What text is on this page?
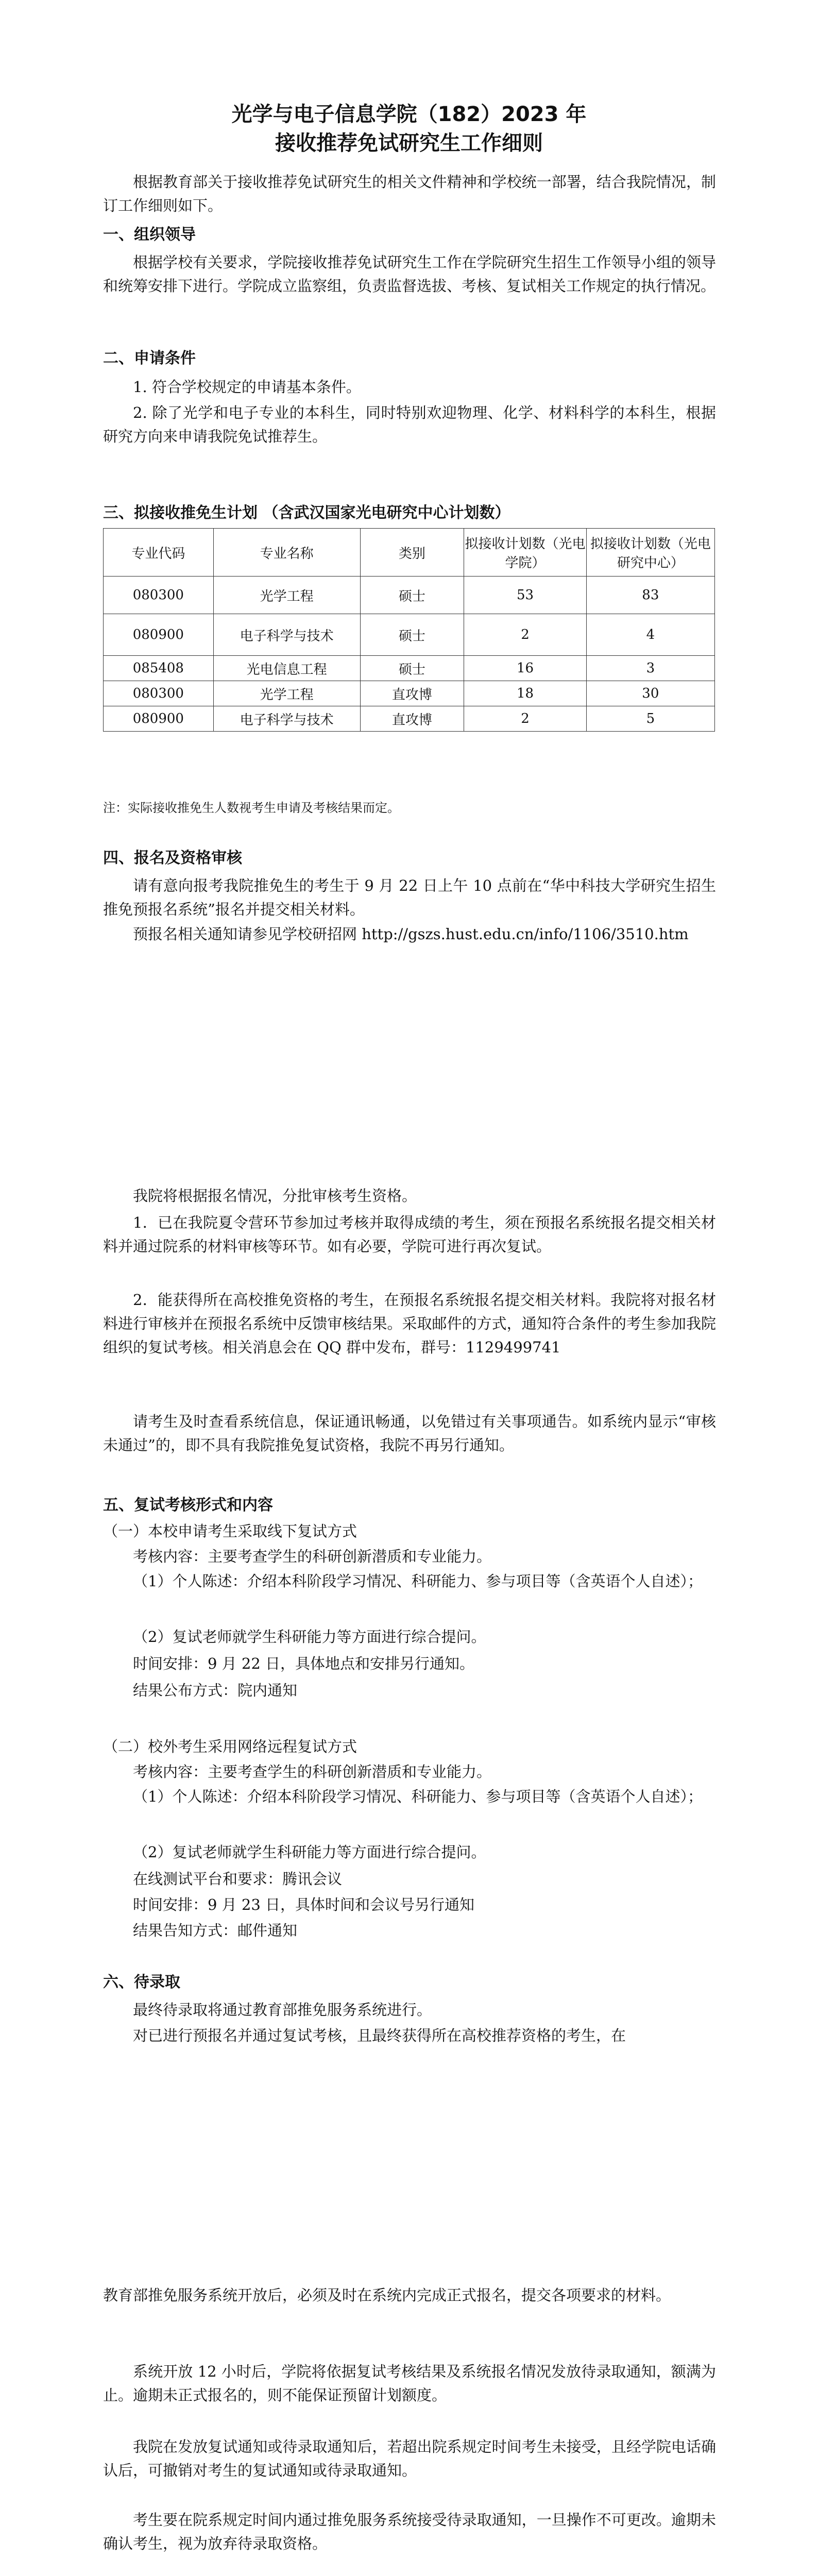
光学与电子信息学院（182）2023 年
接收推荐免试研究生工作细则

根据教育部关于接收推荐免试研究生的相关文件精神和学校统一部署，结合我院情况，制订工作细则如下。

一、组织领导

根据学校有关要求，学院接收推荐免试研究生工作在学院研究生招生工作领导小组的领导和统筹安排下进行。学院成立监察组，负责监督选拔、考核、复试相关工作规定的执行情况。

二、申请条件

1. 符合学校规定的申请基本条件。

2. 除了光学和电子专业的本科生，同时特别欢迎物理、化学、材料科学的本科生，根据研究方向来申请我院免试推荐生。

三、拟接收推免生计划 （含武汉国家光电研究中心计划数）

专业代码	专业名称	类别	拟接收计划数（光电学院）	拟接收计划数（光电研究中心）
080300	光学工程	硕士	53	83
080900	电子科学与技术	硕士	2	4
085408	光电信息工程	硕士	16	3
080300	光学工程	直攻博	18	30
080900	电子科学与技术	直攻博	2	5

注：实际接收推免生人数视考生申请及考核结果而定。

四、报名及资格审核

请有意向报考我院推免生的考生于 9 月 22 日上午 10 点前在“华中科技大学研究生招生推免预报名系统”报名并提交相关材料。

预报名相关通知请参见学校研招网 http://gszs.hust.edu.cn/info/1106/3510.htm

我院将根据报名情况，分批审核考生资格。

1．已在我院夏令营环节参加过考核并取得成绩的考生，须在预报名系统报名提交相关材料并通过院系的材料审核等环节。如有必要，学院可进行再次复试。

2．能获得所在高校推免资格的考生，在预报名系统报名提交相关材料。我院将对报名材料进行审核并在预报名系统中反馈审核结果。采取邮件的方式，通知符合条件的考生参加我院组织的复试考核。相关消息会在 QQ 群中发布，群号：1129499741

请考生及时查看系统信息，保证通讯畅通，以免错过有关事项通告。如系统内显示“审核未通过”的，即不具有我院推免复试资格，我院不再另行通知。

五、复试考核形式和内容

（一）本校申请考生采取线下复试方式

考核内容：主要考查学生的科研创新潜质和专业能力。

（1）个人陈述：介绍本科阶段学习情况、科研能力、参与项目等（含英语个人自述）；

（2）复试老师就学生科研能力等方面进行综合提问。

时间安排：9 月 22 日，具体地点和安排另行通知。

结果公布方式：院内通知

（二）校外考生采用网络远程复试方式

考核内容：主要考查学生的科研创新潜质和专业能力。

（1）个人陈述：介绍本科阶段学习情况、科研能力、参与项目等（含英语个人自述）；

（2）复试老师就学生科研能力等方面进行综合提问。

在线测试平台和要求：腾讯会议

时间安排：9 月 23 日，具体时间和会议号另行通知

结果告知方式：邮件通知

六、待录取

最终待录取将通过教育部推免服务系统进行。

对已进行预报名并通过复试考核，且最终获得所在高校推荐资格的考生，在

教育部推免服务系统开放后，必须及时在系统内完成正式报名，提交各项要求的材料。

系统开放 12 小时后，学院将依据复试考核结果及系统报名情况发放待录取通知，额满为止。逾期未正式报名的，则不能保证预留计划额度。

我院在发放复试通知或待录取通知后，若超出院系规定时间考生未接受，且经学院电话确认后，可撤销对考生的复试通知或待录取通知。

考生要在院系规定时间内通过推免服务系统接受待录取通知，一旦操作不可更改。逾期未确认考生，视为放弃待录取资格。
